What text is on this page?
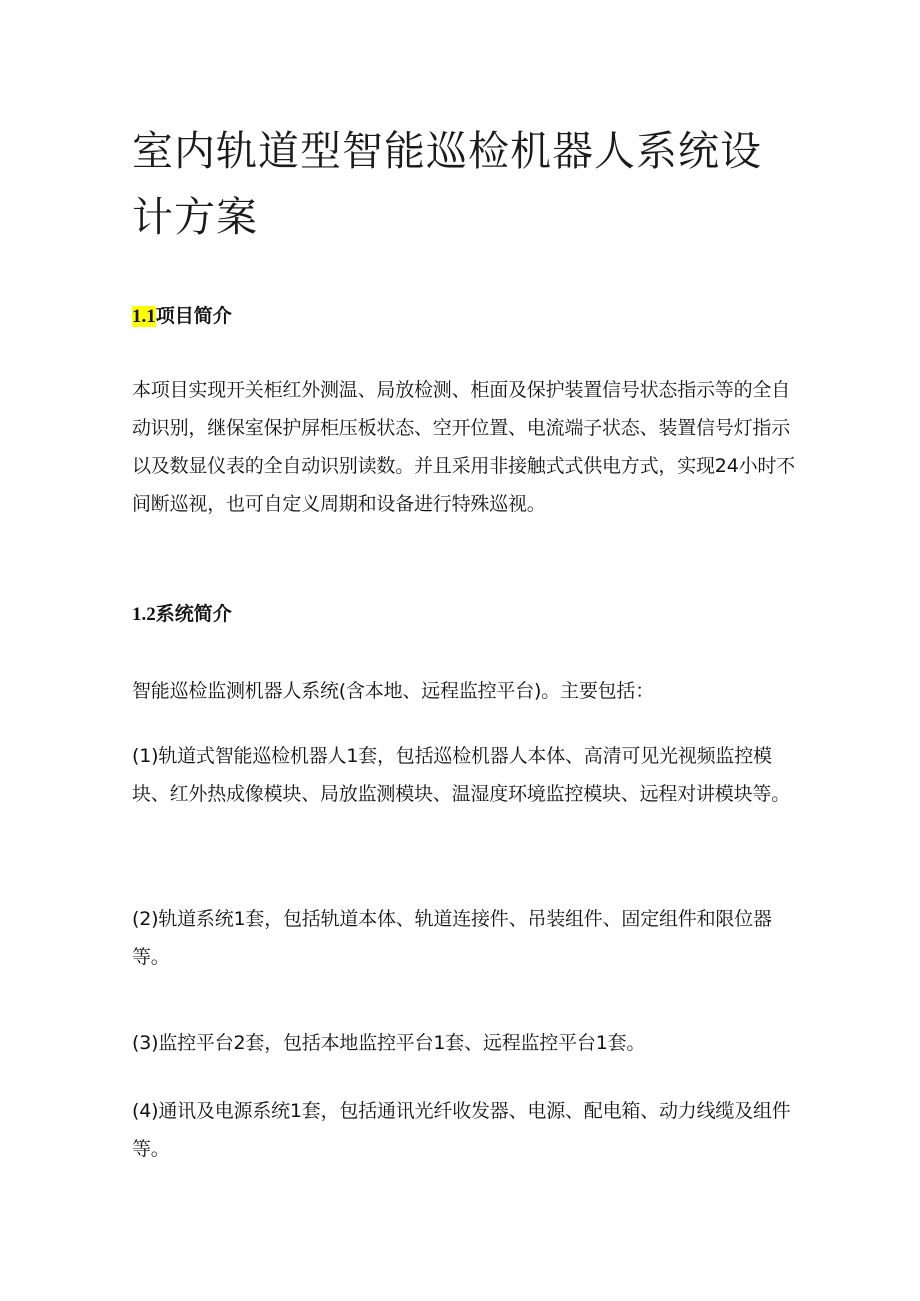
室内轨道型智能巡检机器人系统设计方案
1.1项目简介

本项目实现开关柜红外测温、局放检测、柜面及保护装置信号状态指示等的全自动识别，继保室保护屏柜压板状态、空开位置、电流端子状态、装置信号灯指示以及数显仪表的全自动识别读数。并且采用非接触式式供电方式，实现24小时不间断巡视，也可自定义周期和设备进行特殊巡视。

1.2系统简介

智能巡检监测机器人系统(含本地、远程监控平台)。主要包括：

(1)轨道式智能巡检机器人1套，包括巡检机器人本体、高清可见光视频监控模块、红外热成像模块、局放监测模块、温湿度环境监控模块、远程对讲模块等。

(2)轨道系统1套，包括轨道本体、轨道连接件、吊装组件、固定组件和限位器等。

(3)监控平台2套，包括本地监控平台1套、远程监控平台1套。

(4)通讯及电源系统1套，包括通讯光纤收发器、电源、配电箱、动力线缆及组件等。
